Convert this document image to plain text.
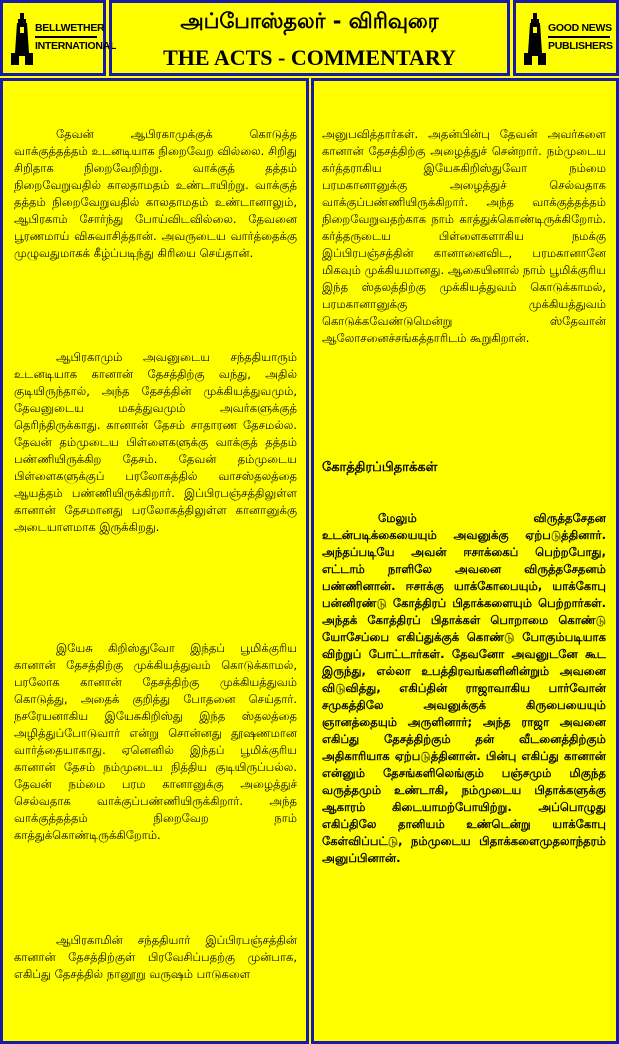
BELLWETHER
INTERNATIONAL
அப்போஸ்தலர் - விரிவுரை
THE ACTS - COMMENTARY
GOOD NEWS
PUBLISHERS

தேவன் ஆபிரகாமுக்குக் கொடுத்த வாக்குத்தத்தம் உடனடியாக நிறைவேற வில்லை. சிறிது சிறிதாக நிறைவேறிற்று. வாக்குத் தத்தம் நிறைவேறுவதில் காலதாமதம் உண்டாயிற்று. வாக்குத் தத்தம் நிறைவேறுவதில் காலதாமதம் உண்டானாலும், ஆபிரகாம் சோர்ந்து போய்விடவில்லை. தேவனை பூரணமாய் விசுவாசித்தான். அவருடைய வார்த்தைக்கு முழுவதுமாகக் கீழ்ப்படிந்து கிரியை செய்தான்.

ஆபிரகாமும் அவனுடைய சந்ததியாரும் உடனடியாக கானான் தேசத்திற்கு வந்து, அதில் குடியிருந்தால், அந்த தேசத்தின் முக்கியத்துவமும், தேவனுடைய மகத்துவமும் அவர்களுக்குத் தெரிந்திருக்காது. கானான் தேசம் சாதாரண தேசமல்ல. தேவன் தம்முடைய பிள்ளைகளுக்கு வாக்குத் தத்தம் பண்ணியிருக்கிற தேசம். தேவன் தம்முடைய பிள்ளைகளுக்குப் பரலோகத்தில் வாசஸ்தலத்தை ஆயத்தம் பண்ணியிருக்கிறார். இப்பிரபஞ்சத்திலுள்ள கானான் தேசமானது பரலோகத்திலுள்ள கானானுக்கு அடையாளமாக இருக்கிறது.

இயேசு கிறிஸ்துவோ இந்தப் பூமிக்குரிய கானான் தேசத்திற்கு முக்கியத்துவம் கொடுக்காமல், பரலோக கானான் தேசத்திற்கு முக்கியத்துவம் கொடுத்து, அதைக் குறித்து போதனை செய்தார். நசரேயனாகிய இயேசுகிறிஸ்து இந்த ஸ்தலத்தை அழித்துப்போடுவார் என்று சொன்னது தூஷணமான வார்த்தையாகாது. ஏனெனில் இந்தப் பூமிக்குரிய கானான் தேசம் நம்முடைய நித்திய குடியிருப்பல்ல. தேவன் நம்மை பரம கானானுக்கு அழைத்துச் செல்வதாக வாக்குப்பண்ணியிருக்கிறார். அந்த வாக்குத்தத்தம் நிறைவேற நாம் காத்துக்கொண்டிருக்கிறோம்.

ஆபிரகாமின் சந்ததியார் இப்பிரபஞ்சத்தின் கானான் தேசத்திற்குள் பிரவேசிப்பதற்கு முன்பாக, எகிப்து தேசத்தில் நானூறு வருஷம் பாடுகளை

அனுபவித்தார்கள். அதன்பின்பு தேவன் அவர்களை கானான் தேசத்திற்கு அழைத்துச் சென்றார். நம்முடைய கர்த்தராகிய இயேசுகிறிஸ்துவோ நம்மை பரமகானானுக்கு அழைத்துச் செல்வதாக வாக்குப்பண்ணியிருக்கிறார். அந்த வாக்குத்தத்தம் நிறைவேறுவதற்காக நாம் காத்துக்கொண்டிருக்கிறோம். கர்த்தருடைய பிள்ளைகளாகிய நமக்கு இப்பிரபஞ்சத்தின் கானானைவிட, பரமகானானே மிகவும் முக்கியமானது. ஆகையினால் நாம் பூமிக்குரிய இந்த ஸ்தலத்திற்கு முக்கியத்துவம் கொடுக்காமல், பரமகானானுக்கு முக்கியத்துவம் கொடுக்கவேண்டுமென்று ஸ்தேவான் ஆலோசனைச்சங்கத்தாரிடம் கூறுகிறான்.

கோத்திரப்பிதாக்கள்

மேலும் விருத்தசேதன உடன்படிக்கையையும் அவனுக்கு ஏற்படுத்தினார். அந்தப்படியே அவன் ஈசாக்கைப் பெற்றபோது, எட்டாம் நாளிலே அவனை விருத்தசேதனம் பண்ணினான். ஈசாக்கு யாக்கோபையும், யாக்கோபு பன்னிரண்டு கோத்திரப் பிதாக்களையும் பெற்றார்கள். அந்தக் கோத்திரப் பிதாக்கள் பொறாமை கொண்டு யோசேப்பை எகிப்துக்குக் கொண்டு போகும்படியாக விற்றுப் போட்டார்கள். தேவனோ அவனுடனே கூட இருந்து, எல்லா உபத்திரவங்களினின்றும் அவனை விடுவித்து, எகிப்தின் ராஜாவாகிய பார்வோன் சமுகத்திலே அவனுக்குக் கிருபையையும் ஞானத்தையும் அருளினார்; அந்த ராஜா அவனை எகிப்து தேசத்திற்கும் தன் வீடனைத்திற்கும் அதிகாரியாக ஏற்படுத்தினான். பின்பு எகிப்து கானான் என்னும் தேசங்களிலெங்கும் பஞ்சமும் மிகுந்த வருத்தமும் உண்டாகி, நம்முடைய பிதாக்களுக்கு ஆகாரம் கிடையாமற்போயிற்று. அப்பொழுது எகிப்திலே தானியம் உண்டென்று யாக்கோபு கேள்விப்பட்டு, நம்முடைய பிதாக்களைமுதலாந்தரம் அனுப்பினான்.
